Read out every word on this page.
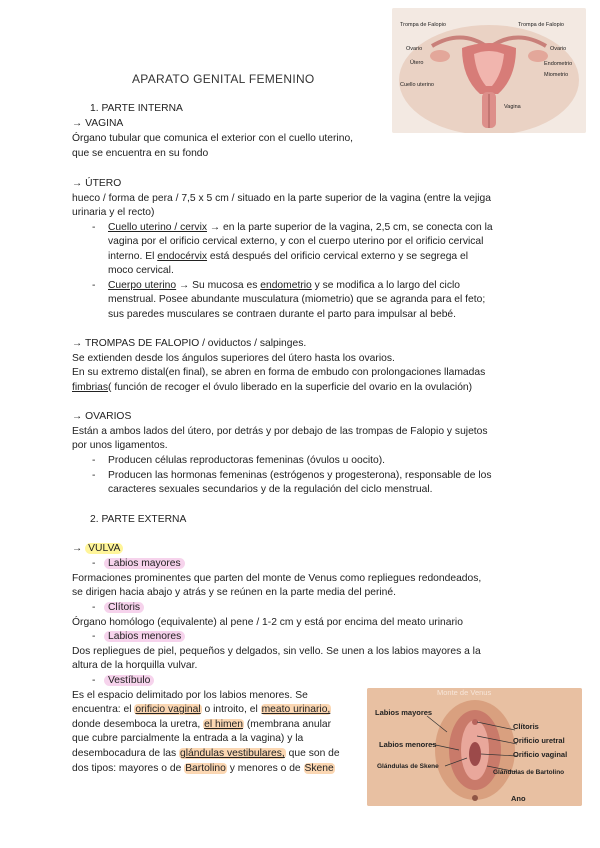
Trompa de Falopio	Trompa de Falopio
Ovario	Ovario
Útero	Endometrio
Miometrio
Cuello uterino
Vagina
APARATO GENITAL FEMENINO
1. PARTE INTERNA
→ VAGINA
Órgano tubular que comunica el exterior con el cuello uterino,
que se encuentra en su fondo
→ ÚTERO
hueco / forma de pera / 7,5 x 5 cm / situado en la parte superior de la vagina (entre la vejiga
urinaria y el recto)
- Cuello uterino / cervix → en la parte superior de la vagina, 2,5 cm, se conecta con la
vagina por el orificio cervical externo, y con el cuerpo uterino por el orificio cervical
interno. El endocérvix está después del orificio cervical externo y se segrega el
moco cervical.
- Cuerpo uterino → Su mucosa es endometrio y se modifica a lo largo del ciclo
menstrual. Posee abundante musculatura (miometrio) que se agranda para el feto;
sus paredes musculares se contraen durante el parto para impulsar al bebé.
→ TROMPAS DE FALOPIO / oviductos / salpinges.
Se extienden desde los ángulos superiores del útero hasta los ovarios.
En su extremo distal(en final), se abren en forma de embudo con prolongaciones llamadas
fimbrias( función de recoger el óvulo liberado en la superficie del ovario en la ovulación)
→ OVARIOS
Están a ambos lados del útero, por detrás y por debajo de las trompas de Falopio y sujetos
por unos ligamentos.
- Producen células reproductoras femeninas (óvulos u oocito).
- Producen las hormonas femeninas (estrógenos y progesterona), responsable de los
caracteres sexuales secundarios y de la regulación del ciclo menstrual.
2. PARTE EXTERNA
→ VULVA
-	Labios mayores
Formaciones prominentes que parten del monte de Venus como repliegues redondeados,
se dirigen hacia abajo y atrás y se reúnen en la parte media del periné.
-	Clítoris
Órgano homólogo (equivalente) al pene / 1-2 cm y está por encima del meato urinario
-	Labios menores
Dos repliegues de piel, pequeños y delgados, sin vello. Se unen a los labios mayores a la
altura de la horquilla vulvar.
-	Vestíbulo
Es el espacio delimitado por los labios menores. Se
encuentra: el orificio vaginal o introito, el meato urinario,
donde desemboca la uretra, el himen (membrana anular
que cubre parcialmente la entrada a la vagina) y la
desembocadura de las glándulas vestibulares, que son de
dos tipos: mayores o de Bartolino y menores o de Skene
Monte de Venus
Labios mayores
Clítoris
Orificio uretral
Labios menores
Orificio vaginal
Glándulas de Skene
Glándulas de Bartolino
Ano
